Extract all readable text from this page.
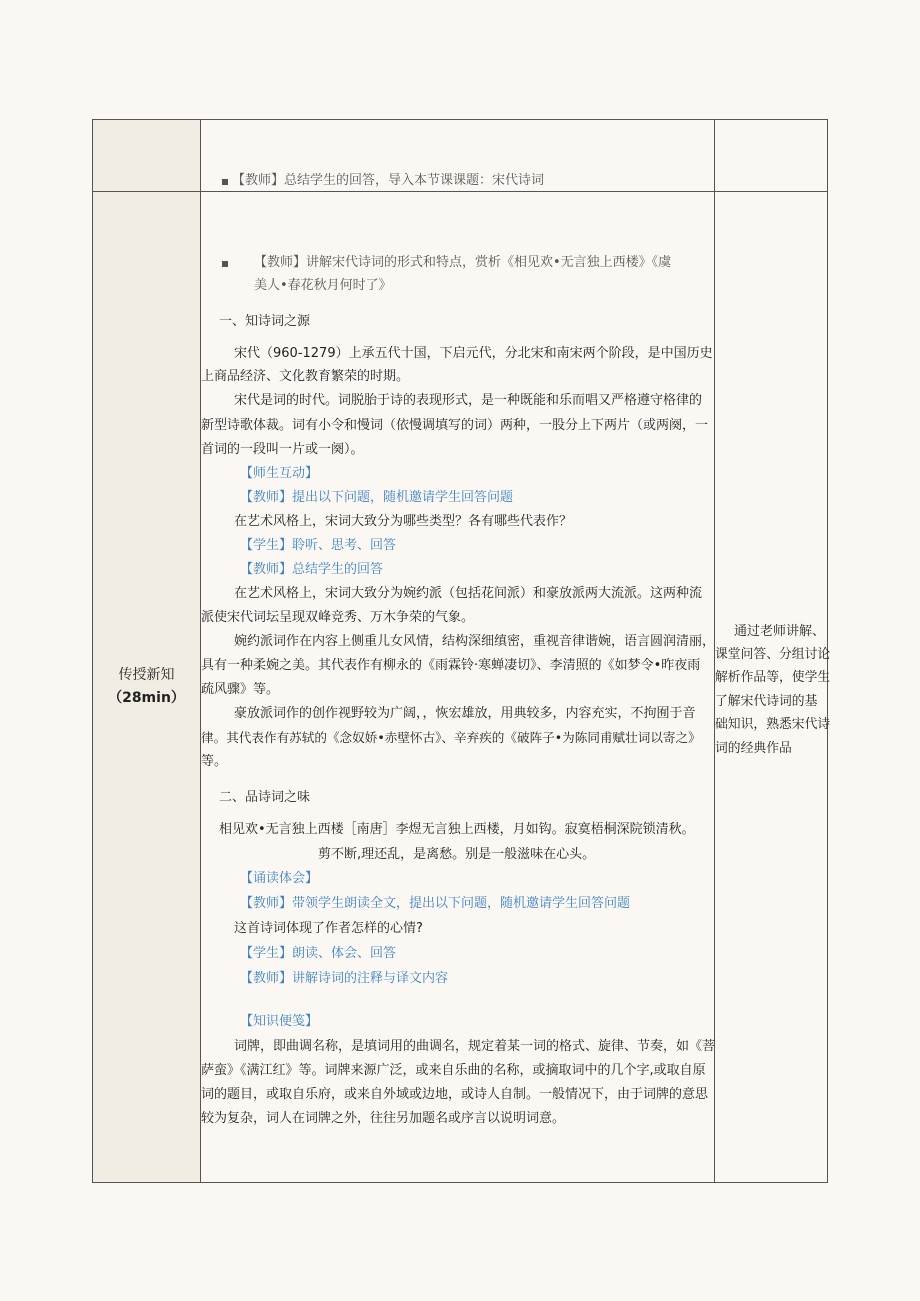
【教师】总结学生的回答，导入本节课课题：宋代诗词
传授新知
（28min）
【教师】讲解宋代诗词的形式和特点，赏析《相见欢•无言独上西楼》《虞
美人•春花秋月何时了》
一、知诗词之源
宋代（960-1279）上承五代十国，下启元代，分北宋和南宋两个阶段，是中国历史
上商品经济、文化教育繁荣的时期。
宋代是词的时代。词脱胎于诗的表现形式，是一种既能和乐而唱又严格遵守格律的
新型诗歌体裁。词有小令和慢词（依慢调填写的词）两种，一股分上下两片（或两阕，一
首词的一段叫一片或一阕）。
【师生互动】
【教师】提出以下问题，随机邀请学生回答问题
在艺术风格上，宋词大致分为哪些类型？各有哪些代表作？
【学生】聆听、思考、回答
【教师】总结学生的回答
在艺术风格上，宋词大致分为婉约派（包括花间派）和豪放派两大流派。这两种流
派使宋代词坛呈现双峰竞秀、万木争荣的气象。
婉约派词作在内容上侧重儿女风情，结构深细缜密，重视音律谐婉，语言圆润清丽，
具有一种柔婉之美。其代表作有柳永的《雨霖铃·寒蝉凄切》、李清照的《如梦令•昨夜雨
疏风骤》等。
豪放派词作的创作视野较为广阔，，恢宏雄放，用典较多，内容充实，不拘囿于音
律。其代表作有苏轼的《念奴娇•赤壁怀古》、辛弃疾的《破阵子•为陈同甫赋壮词以寄之》
等。
二、品诗词之味
相见欢•无言独上西楼［南唐］李煜无言独上西楼，月如钩。寂寞梧桐深院锁清秋。
剪不断,理还乱，是离愁。别是一般滋味在心头。
【诵读体会】
【教师】带领学生朗读全文，提出以下问题，随机邀请学生回答问题
这首诗词体现了作者怎样的心情?
【学生】朗读、体会、回答
【教师】讲解诗词的注释与译文内容
【知识便笺】
词牌，即曲调名称，是填词用的曲调名，规定着某一词的格式、旋律、节奏，如《菩
萨蛮》《满江红》等。词牌来源广泛，或来自乐曲的名称，或摘取词中的几个字,或取自原
词的题目，或取自乐府，或来自外域或边地，或诗人自制。一般情况下，由于词牌的意思
较为复杂，词人在词牌之外，往往另加题名或序言以说明词意。
通过老师讲解、
课堂问答、分组讨论
解析作品等，使学生
了解宋代诗词的基
础知识，熟悉宋代诗
词的经典作品
